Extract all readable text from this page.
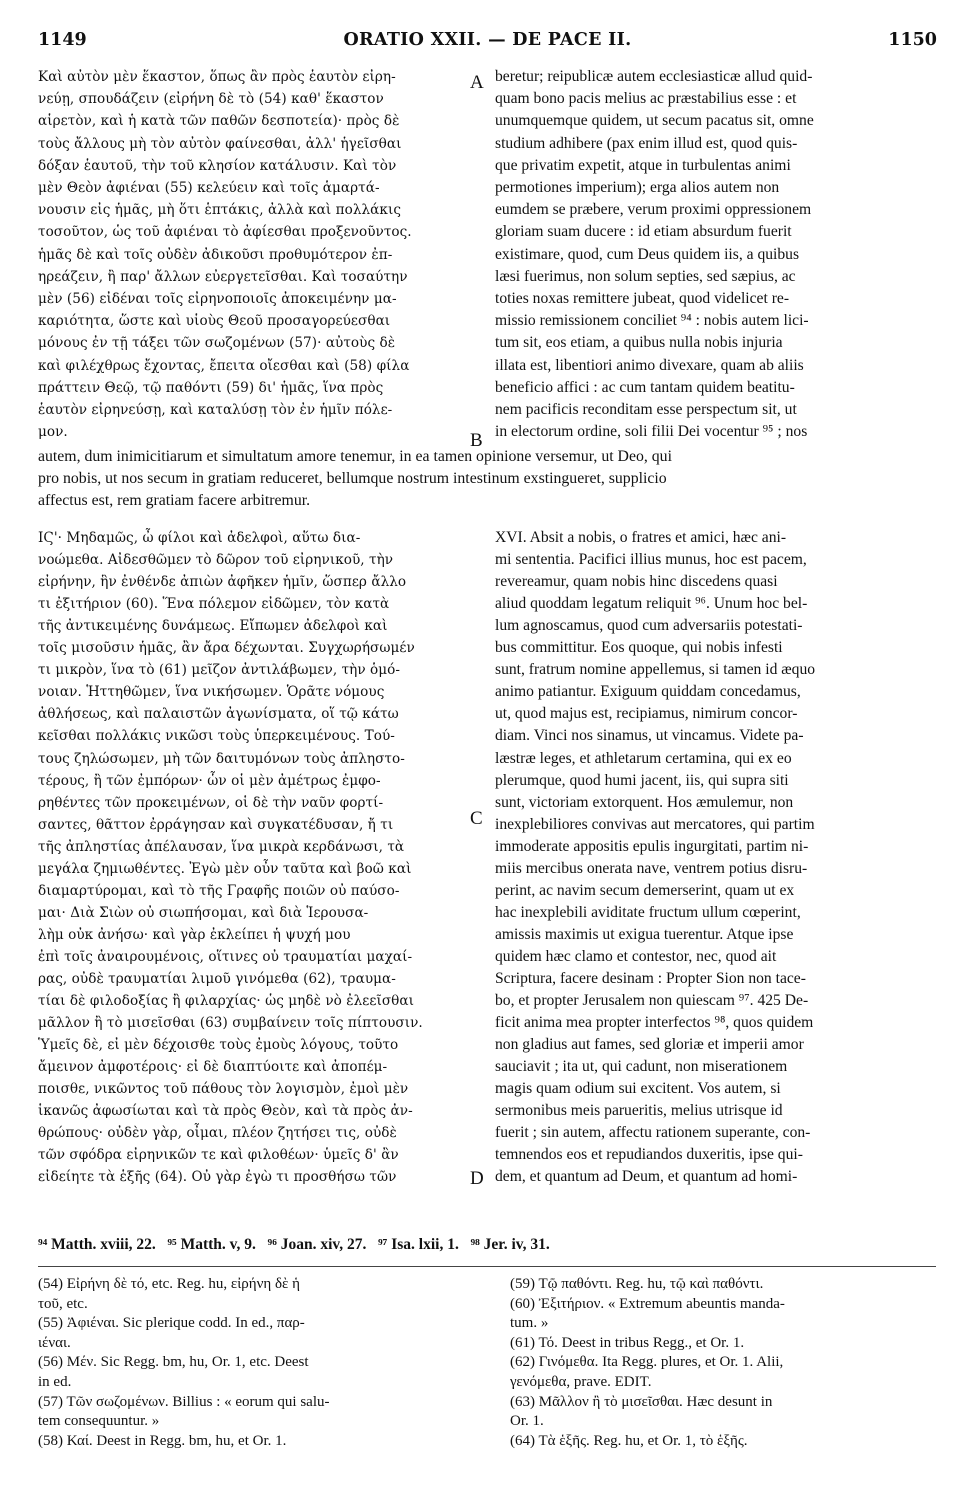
1149	ORATIO XXII. — DE PACE II.	1150
A
B
C
D
Καὶ αὐτὸν μὲν ἕκαστον, ὅπως ἂν πρὸς ἑαυτὸν εἰρη-
νεύῃ, σπουδάζειν (εἰρήνη δὲ τὸ (54) καθ' ἕκαστον
αἱρετὸν, καὶ ἡ κατὰ τῶν παθῶν δεσποτεία)· πρὸς δὲ
τοὺς ἄλλους μὴ τὸν αὐτὸν φαίνεσθαι, ἀλλ' ἡγεῖσθαι
δόξαν ἑαυτοῦ, τὴν τοῦ κλησίον κατάλυσιν. Καὶ τὸν
μὲν Θεὸν ἀφιέναι (55) κελεύειν καὶ τοῖς ἁμαρτά-
νουσιν εἰς ἡμᾶς, μὴ ὅτι ἑπτάκις, ἀλλὰ καὶ πολλάκις
τοσοῦτον, ὡς τοῦ ἀφιέναι τὸ ἀφίεσθαι προξενοῦντος.
ἡμᾶς δὲ καὶ τοῖς οὐδὲν ἀδικοῦσι προθυμότερον ἐπ-
ηρεάζειν, ἢ παρ' ἄλλων εὐεργετεῖσθαι. Καὶ τοσαύτην
μὲν (56) εἰδέναι τοῖς εἰρηνοποιοῖς ἀποκειμένην μα-
καριότητα, ὥστε καὶ υἱοὺς Θεοῦ προσαγορεύεσθαι
μόνους ἐν τῇ τάξει τῶν σωζομένων (57)· αὐτοὺς δὲ
καὶ φιλέχθρως ἔχοντας, ἔπειτα οἴεσθαι καὶ (58) φίλα
πράττειν Θεῷ, τῷ παθόντι (59) δι' ἡμᾶς, ἵνα πρὸς
ἑαυτὸν εἰρηνεύσῃ, καὶ καταλύσῃ τὸν ἐν ἡμῖν πόλε-
μον.
beretur; reipublicæ autem ecclesiasticæ allud quid-
quam bono pacis melius ac præstabilius esse : et
unumquemque quidem, ut secum pacatus sit, omne
studium adhibere (pax enim illud est, quod quis-
que privatim expetit, atque in turbulentas animi
permotiones imperium); erga alios autem non
eumdem se præbere, verum proximi oppressionem
gloriam suam ducere : id etiam absurdum fuerit
existimare, quod, cum Deus quidem iis, a quibus
læsi fuerimus, non solum septies, sed sæpius, ac
toties noxas remittere jubeat, quod videlicet re-
missio remissionem conciliet ⁹⁴ : nobis autem lici-
tum sit, eos etiam, a quibus nulla nobis injuria
illata est, libentiori animo divexare, quam ab aliis
beneficio affici : ac cum tantam quidem beatitu-
nem pacificis reconditam esse perspectum sit, ut
in electorum ordine, soli filii Dei vocentur ⁹⁵ ; nos
autem, dum inimicitiarum et simultatum amore tenemur, in ea tamen opinione versemur, ut Deo, qui
pro nobis, ut nos secum in gratiam reduceret, bellumque nostrum intestinum exstingueret, supplicio
affectus est, rem gratiam facere arbitremur.
ΙϚ'· Μηδαμῶς, ὦ φίλοι καὶ ἀδελφοὶ, αὕτω δια-
νοώμεθα. Αἰδεσθῶμεν τὸ δῶρον τοῦ εἰρηνικοῦ, τὴν
εἰρήνην, ἣν ἐνθένδε ἀπιὼν ἀφῆκεν ἡμῖν, ὥσπερ ἄλλο
τι ἐξιτήριον (60). Ἕνα πόλεμον εἰδῶμεν, τὸν κατὰ
τῆς ἀντικειμένης δυνάμεως. Εἴπωμεν ἀδελφοὶ καὶ
τοῖς μισοῦσιν ἡμᾶς, ἂν ἄρα δέχωνται. Συγχωρήσωμέν
τι μικρὸν, ἵνα τὸ (61) μεῖζον ἀντιλάβωμεν, τὴν ὁμό-
νοιαν. Ἡττηθῶμεν, ἵνα νικήσωμεν. Ὁρᾶτε νόμους
ἀθλήσεως, καὶ παλαιστῶν ἀγωνίσματα, οἵ τῷ κάτω
κεῖσθαι πολλάκις νικῶσι τοὺς ὑπερκειμένους. Τού-
τους ζηλώσωμεν, μὴ τῶν δαιτυμόνων τοὺς ἀπληστο-
τέρους, ἢ τῶν ἐμπόρων· ὧν οἱ μὲν ἀμέτρως ἐμφο-
ρηθέντες τῶν προκειμένων, οἱ δὲ τὴν ναῦν φορτί-
σαντες, θᾶττον ἐρράγησαν καὶ συγκατέδυσαν, ἤ τι
τῆς ἀπληστίας ἀπέλαυσαν, ἵνα μικρὰ κερδάνωσι, τὰ
μεγάλα ζημιωθέντες. Ἐγὼ μὲν οὖν ταῦτα καὶ βοῶ καὶ
διαμαρτύρομαι, καὶ τὸ τῆς Γραφῆς ποιῶν οὐ παύσο-
μαι· Διὰ Σιὼν οὐ σιωπήσομαι, καὶ διὰ Ἱερουσα-
λὴμ οὐκ ἀνήσω· καὶ γὰρ ἐκλείπει ἡ ψυχή μου
ἐπὶ τοῖς ἀναιρουμένοις, οἵτινες οὐ τραυματίαι μαχαί-
ρας, οὐδὲ τραυματίαι λιμοῦ γινόμεθα (62), τραυμα-
τίαι δὲ φιλοδοξίας ἢ φιλαρχίας· ὡς μηδὲ νὸ ἐλεεῖσθαι
μᾶλλον ἢ τὸ μισεῖσθαι (63) συμβαίνειν τοῖς πίπτουσιν.
Ὑμεῖς δὲ, εἰ μὲν δέχοισθε τοὺς ἐμοὺς λόγους, τοῦτο
ἄμεινον ἀμφοτέροις· εἰ δὲ διαπτύοιτε καὶ ἀποπέμ-
ποισθε, νικῶντος τοῦ πάθους τὸν λογισμὸν, ἐμοὶ μὲν
ἱκανῶς ἀφωσίωται καὶ τὰ πρὸς Θεὸν, καὶ τὰ πρὸς ἀν-
θρώπους· οὐδὲν γὰρ, οἶμαι, πλέον ζητήσει τις, οὐδὲ
τῶν σφόδρα εἰρηνικῶν τε καὶ φιλοθέων· ὑμεῖς δ' ἂν
εἰδείητε τὰ ἑξῆς (64). Οὐ γὰρ ἐγὼ τι προσθήσω τῶν
XVI. Absit a nobis, o fratres et amici, hæc ani-
mi sententia. Pacifici illius munus, hoc est pacem,
revereamur, quam nobis hinc discedens quasi
aliud quoddam legatum reliquit ⁹⁶. Unum hoc bel-
lum agnoscamus, quod cum adversariis potestati-
bus committitur. Eos quoque, qui nobis infesti
sunt, fratrum nomine appellemus, si tamen id æquo
animo patiantur. Exiguum quiddam concedamus,
ut, quod majus est, recipiamus, nimirum concor-
diam. Vinci nos sinamus, ut vincamus. Videte pa-
læstræ leges, et athletarum certamina, qui ex eo
plerumque, quod humi jacent, iis, qui supra siti
sunt, victoriam extorquent. Hos æmulemur, non
inexplebiliores convivas aut mercatores, qui partim
immoderate appositis epulis ingurgitati, partim ni-
miis mercibus onerata nave, ventrem potius disru-
perint, ac navim secum demerserint, quam ut ex
hac inexplebili aviditate fructum ullum cœperint,
amissis maximis ut exigua tuerentur. Atque ipse
quidem hæc clamo et contestor, nec, quod ait
Scriptura, facere desinam : Propter Sion non tace-
bo, et propter Jerusalem non quiescam ⁹⁷. 425 De-
ficit anima mea propter interfectos ⁹⁸, quos quidem
non gladius aut fames, sed gloriæ et imperii amor
sauciavit ; ita ut, qui cadunt, non miserationem
magis quam odium sui excitent. Vos autem, si
sermonibus meis parueritis, melius utrisque id
fuerit ; sin autem, affectu rationem superante, con-
temnendos eos et repudiandos duxeritis, ipse qui-
dem, et quantum ad Deum, et quantum ad homi-
⁹⁴ Matth. xviii, 22.   ⁹⁵ Matth. v, 9.   ⁹⁶ Joan. xiv, 27.   ⁹⁷ Isa. lxii, 1.   ⁹⁸ Jer. iv, 31.
(54) Εἰρήνη δὲ τό, etc. Reg. hu, εἰρήνη δὲ ἡ
τοῦ, etc.
(55) Ἀφιέναι. Sic plerique codd. In ed., παρ-
ιέναι.
(56) Μέν. Sic Regg. bm, hu, Or. 1, etc. Deest
in ed.
(57) Τῶν σωζομένων. Billius : « eorum qui salu-
tem consequuntur. »
(58) Καί. Deest in Regg. bm, hu, et Or. 1.
(59) Τῷ παθόντι. Reg. hu, τῷ καὶ παθόντι.
(60) Ἐξιτήριον. « Extremum abeuntis manda-
tum. »
(61) Τό. Deest in tribus Regg., et Or. 1.
(62) Γινόμεθα. Ita Regg. plures, et Or. 1. Alii,
γενόμεθα, prave. EDIT.
(63) Μᾶλλον ἢ τὸ μισεῖσθαι. Hæc desunt in
Or. 1.
(64) Τὰ ἑξῆς. Reg. hu, et Or. 1, τὸ ἑξῆς.
